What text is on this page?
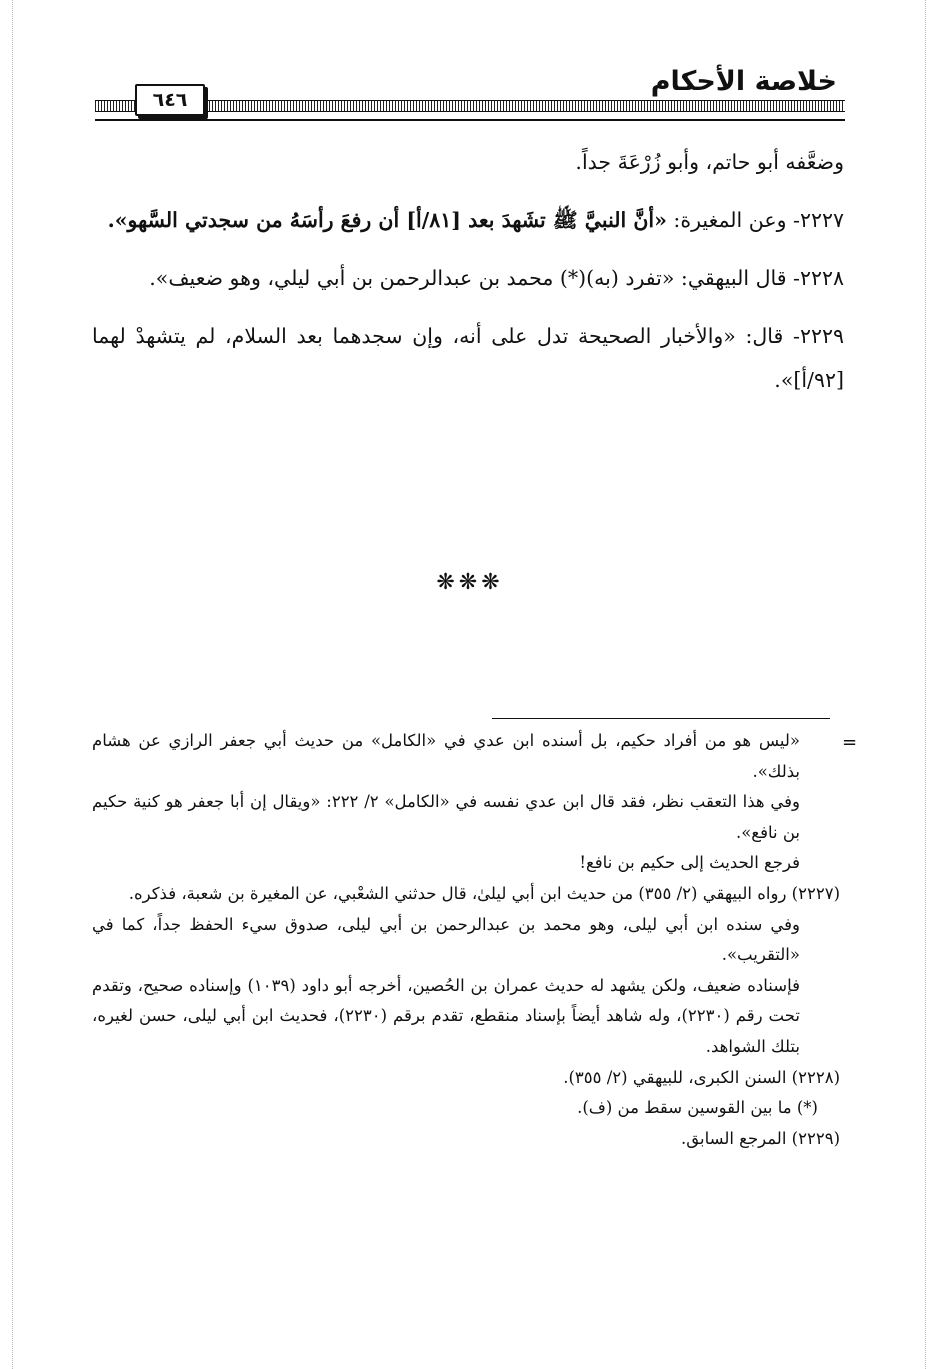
خلاصة الأحكام
٦٤٦

وضعَّفه أبو حاتم، وأبو زُرْعَةَ جداً.

٢٢٢٧- وعن المغيرة: «أنَّ النبيَّ ﷺ تشَهدَ بعد [٨١/أ] أن رفعَ رأسَهُ من سجدتي السَّهو».

٢٢٢٨- قال البيهقي: «تفرد (به)(*) محمد بن عبدالرحمن بن أبي ليلي، وهو ضعيف».

٢٢٢٩- قال: «والأخبار الصحيحة تدل على أنه، وإن سجدهما بعد السلام، لم يتشهدْ لهما [٩٢/أ]».

❋❋❋
=

«ليس هو من أفراد حكيم، بل أسنده ابن عدي في «الكامل» من حديث أبي جعفر الرازي عن هشام بذلك».

وفي هذا التعقب نظر، فقد قال ابن عدي نفسه في «الكامل» ٢/ ٢٢٢: «ويقال إن أبا جعفر هو كنية حكيم بن نافع».

فرجع الحديث إلى حكيم بن نافع!

(٢٢٢٧) رواه البيهقي (٢/ ٣٥٥) من حديث ابن أبي ليلىٰ، قال حدثني الشعْبي، عن المغيرة بن شعبة، فذكره.

وفي سنده ابن أبي ليلى، وهو محمد بن عبدالرحمن بن أبي ليلى، صدوق سيء الحفظ جداً، كما في «التقريب».

فإسناده ضعيف، ولكن يشهد له حديث عمران بن الحُصين، أخرجه أبو داود (١٠٣٩) وإسناده صحيح، وتقدم تحت رقم (٢٢٣٠)، وله شاهد أيضاً بإسناد منقطع، تقدم برقم (٢٢٣٠)، فحديث ابن أبي ليلى، حسن لغيره، بتلك الشواهد.

(٢٢٢٨) السنن الكبرى، للبيهقي (٢/ ٣٥٥).

(*) ما بين القوسين سقط من (ف).

(٢٢٢٩) المرجع السابق.
